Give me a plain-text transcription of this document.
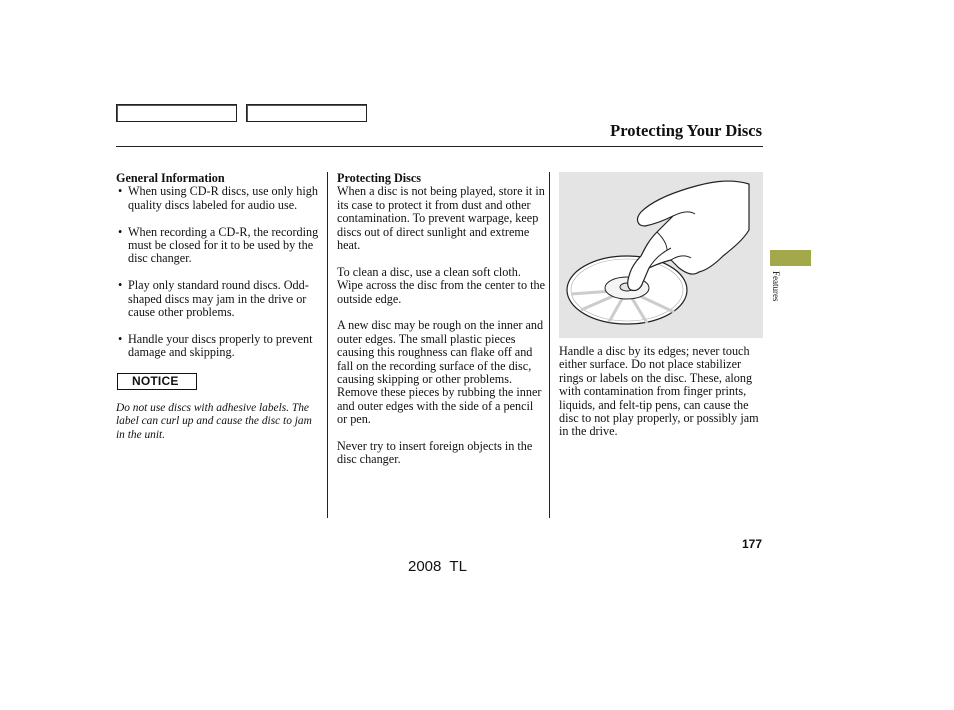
Protecting Your Discs
General Information
• When using CD-R discs, use only high quality discs labeled for audio use.
• When recording a CD-R, the recording must be closed for it to be used by the disc changer.
• Play only standard round discs. Odd-shaped discs may jam in the drive or cause other problems.
• Handle your discs properly to prevent damage and skipping.
NOTICE
Do not use discs with adhesive labels. The label can curl up and cause the disc to jam in the unit.
Protecting Discs

When a disc is not being played, store it in its case to protect it from dust and other contamination. To prevent warpage, keep discs out of direct sunlight and extreme heat.

To clean a disc, use a clean soft cloth. Wipe across the disc from the center to the outside edge.

A new disc may be rough on the inner and outer edges. The small plastic pieces causing this roughness can flake off and fall on the recording surface of the disc, causing skipping or other problems. Remove these pieces by rubbing the inner and outer edges with the side of a pencil or pen.

Never try to insert foreign objects in the disc changer.

Handle a disc by its edges; never touch either surface. Do not place stabilizer rings or labels on the disc. These, along with contamination from finger prints, liquids, and felt-tip pens, can cause the disc to not play properly, or possibly jam in the drive.
Features
177
2008  TL
